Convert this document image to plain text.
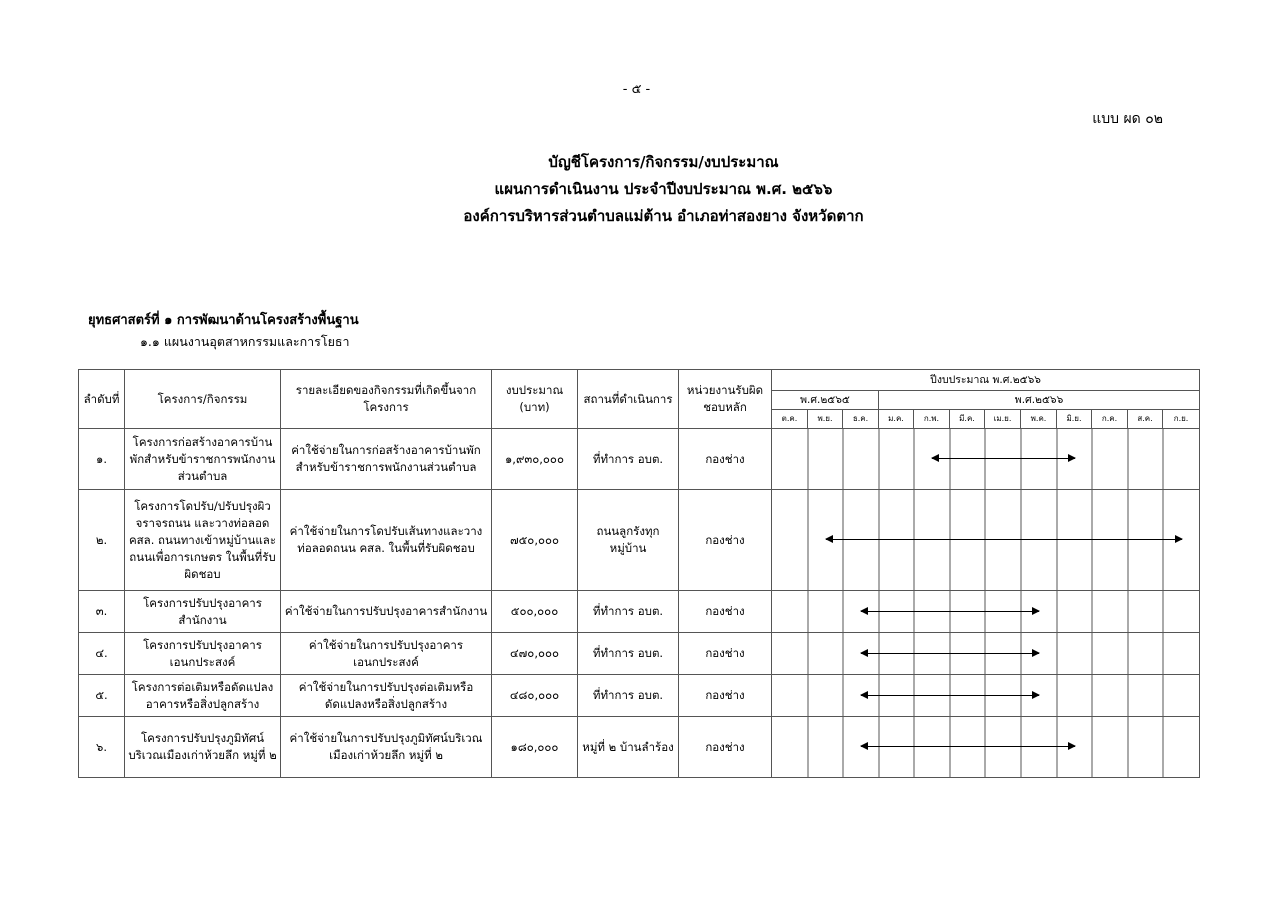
- ๕ -
แบบ ผด ๐๒
บัญชีโครงการ/กิจกรรม/งบประมาณ
แผนการดำเนินงาน ประจำปีงบประมาณ พ.ศ. ๒๕๖๖
องค์การบริหารส่วนตำบลแม่ต้าน อำเภอท่าสองยาง จังหวัดตาก
ยุทธศาสตร์ที่ ๑ การพัฒนาด้านโครงสร้างพื้นฐาน
๑.๑ แผนงานอุตสาหกรรมและการโยธา
ลำดับที่	โครงการ/กิจกรรม	รายละเอียดของกิจกรรมที่เกิดขึ้นจากโครงการ	งบประมาณ (บาท)	สถานที่ดำเนินการ	หน่วยงานรับผิดชอบหลัก	ปีงบประมาณ พ.ศ.๒๕๖๖											
						พ.ศ.๒๕๖๕			พ.ศ.๒๕๖๖								
						ต.ค.	พ.ย.	ธ.ค.	ม.ค.	ก.พ.	มี.ค.	เม.ย.	พ.ค.	มิ.ย.	ก.ค.	ส.ค.	ก.ย.
๑.	โครงการก่อสร้างอาคารบ้านพักสำหรับข้าราชการพนักงานส่วนตำบล	ค่าใช้จ่ายในการก่อสร้างอาคารบ้านพักสำหรับข้าราชการพนักงานส่วนตำบล	๑,๙๓๐,๐๐๐	ที่ทำการ อบต.	กองช่าง	

๒.	โครงการโดปรับ/ปรับปรุงผิวจราจรถนน และวางท่อลอด คสล. ถนนทางเข้าหมู่บ้านและถนนเพื่อการเกษตร ในพื้นที่รับผิดชอบ	ค่าใช้จ่ายในการโดปรับเส้นทางและวางท่อลอดถนน คสล. ในพื้นที่รับผิดชอบ	๗๕๐,๐๐๐	ถนนลูกรังทุกหมู่บ้าน	กองช่าง	

๓.	โครงการปรับปรุงอาคารสำนักงาน	ค่าใช้จ่ายในการปรับปรุงอาคารสำนักงาน	๕๐๐,๐๐๐	ที่ทำการ อบต.	กองช่าง	

๔.	โครงการปรับปรุงอาคารเอนกประสงค์	ค่าใช้จ่ายในการปรับปรุงอาคารเอนกประสงค์	๔๗๐,๐๐๐	ที่ทำการ อบต.	กองช่าง	

๕.	โครงการต่อเติมหรือดัดแปลงอาคารหรือสิ่งปลูกสร้าง	ค่าใช้จ่ายในการปรับปรุงต่อเติมหรือดัดแปลงหรือสิ่งปลูกสร้าง	๔๘๐,๐๐๐	ที่ทำการ อบต.	กองช่าง	

๖.	โครงการปรับปรุงภูมิทัศน์บริเวณเมืองเก่าห้วยลึก หมู่ที่ ๒	ค่าใช้จ่ายในการปรับปรุงภูมิทัศน์บริเวณเมืองเก่าห้วยลึก หมู่ที่ ๒	๑๘๐,๐๐๐	หมู่ที่ ๒ บ้านลำร้อง	กองช่าง	
